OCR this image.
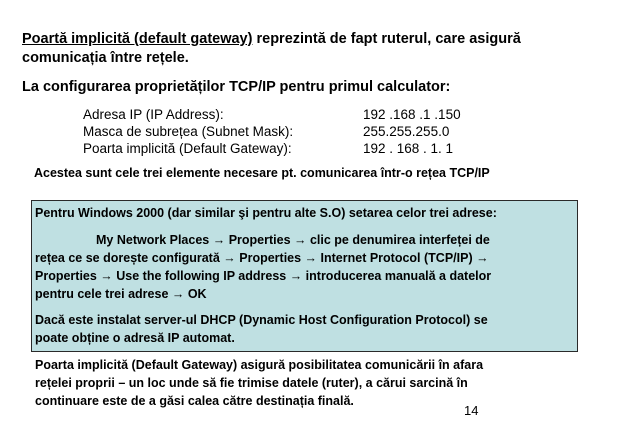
Poartă implicită (default gateway) reprezintă de fapt ruterul, care asigură
comunicația între rețele.
La configurarea proprietăților TCP/IP pentru primul calculator:
Adresa IP (IP Address):	192 .168 .1 .150
Masca de subrețea (Subnet Mask):	255.255.255.0
Poarta implicită (Default Gateway):	192 . 168 . 1. 1
Acestea sunt cele trei elemente necesare pt. comunicarea într-o rețea TCP/IP
Pentru Windows 2000 (dar similar şi pentru alte S.O) setarea celor trei adrese:
My Network Places → Properties → clic pe denumirea interfeței de
rețea ce se dorește configurată → Properties → Internet Protocol (TCP/IP) →
Properties → Use the following IP address → introducerea manuală a datelor
pentru cele trei adrese → OK
Dacă este instalat server-ul DHCP (Dynamic Host Configuration Protocol) se
poate obține o adresă IP automat.
Poarta implicită (Default Gateway) asigură posibilitatea comunicării în afara
rețelei proprii – un loc unde să fie trimise datele (ruter), a cărui sarcină în
continuare este de a găsi calea către destinația finală.
14
